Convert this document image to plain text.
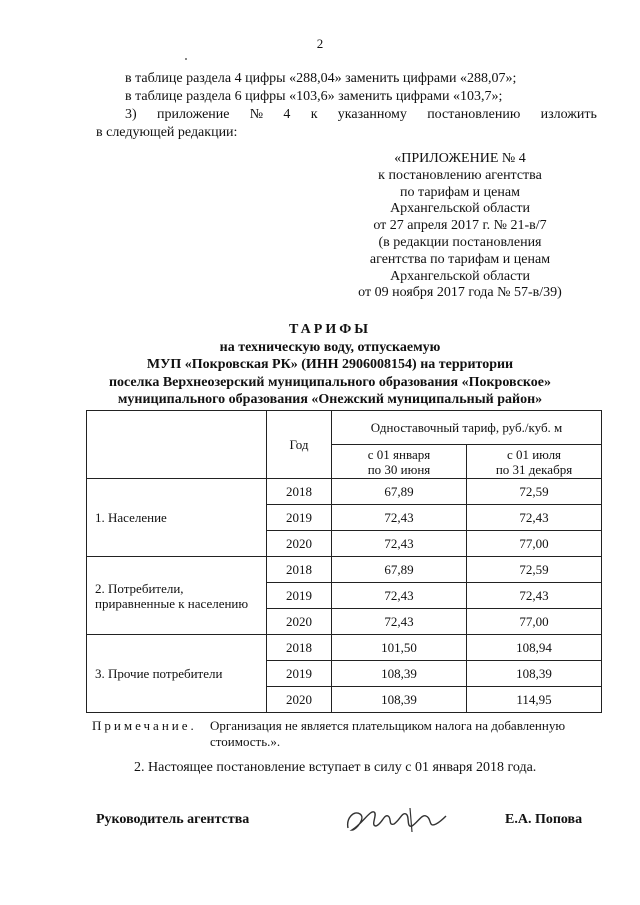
2
в таблице раздела 4 цифры «288,04» заменить цифрами «288,07»;
в таблице раздела 6 цифры «103,6» заменить цифрами «103,7»;
3) приложение № 4 к указанному постановлению изложить
в следующей редакции:
«ПРИЛОЖЕНИЕ № 4
к постановлению агентства
по тарифам и ценам
Архангельской области
от 27 апреля 2017 г. № 21-в/7
(в редакции постановления
агентства по тарифам и ценам
Архангельской области
от 09 ноября 2017 года № 57-в/39)
ТАРИФЫ
на техническую воду, отпускаемую
МУП «Покровская РК» (ИНН 2906008154) на территории
поселка Верхнеозерский муниципального образования «Покровское»
муниципального образования «Онежский муниципальный район»
	Год	Одноставочный тариф, руб./куб. м	
		с 01 января
по 30 июня	с 01 июля
по 31 декабря
1. Население	2018	67,89	72,59
	2019	72,43	72,43
	2020	72,43	77,00
2. Потребители,
приравненные к населению	2018	67,89	72,59
	2019	72,43	72,43
	2020	72,43	77,00
3. Прочие потребители	2018	101,50	108,94
	2019	108,39	108,39
	2020	108,39	114,95
Примечание. Организация не является плательщиком налога на добавленную
стоимость.».
2. Настоящее постановление вступает в силу с 01 января 2018 года.
Руководитель агентства	Е.А. Попова
